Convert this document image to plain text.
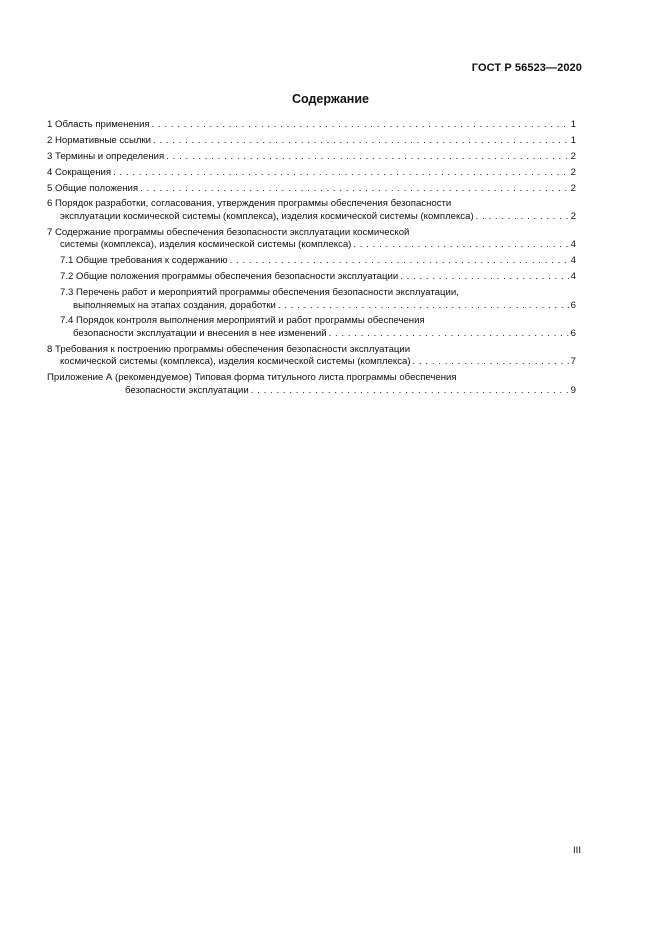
ГОСТ Р 56523—2020
Содержание
1 Область применения . . .	1
2 Нормативные ссылки . . .	1
3 Термины и определения . . .	2
4 Сокращения . . .	2
5 Общие положения . . .	2
6 Порядок разработки, согласования, утверждения программы обеспечения безопасности
эксплуатации космической системы (комплекса), изделия космической системы (комплекса) . . .	2
7 Содержание программы обеспечения безопасности эксплуатации космической
системы (комплекса), изделия космической системы (комплекса) . . .	4
7.1 Общие требования к содержанию . . .	4
7.2 Общие положения программы обеспечения безопасности эксплуатации . . .	4
7.3 Перечень работ и мероприятий программы обеспечения безопасности эксплуатации,
выполняемых на этапах создания, доработки . . .	6
7.4 Порядок контроля выполнения мероприятий и работ программы обеспечения
безопасности эксплуатации и внесения в нее изменений . . .	6
8 Требования к построению программы обеспечения безопасности эксплуатации
космической системы (комплекса), изделия космической системы (комплекса) . . .	7
Приложение А (рекомендуемое) Типовая форма титульного листа программы обеспечения
безопасности эксплуатации . . .	9
III
